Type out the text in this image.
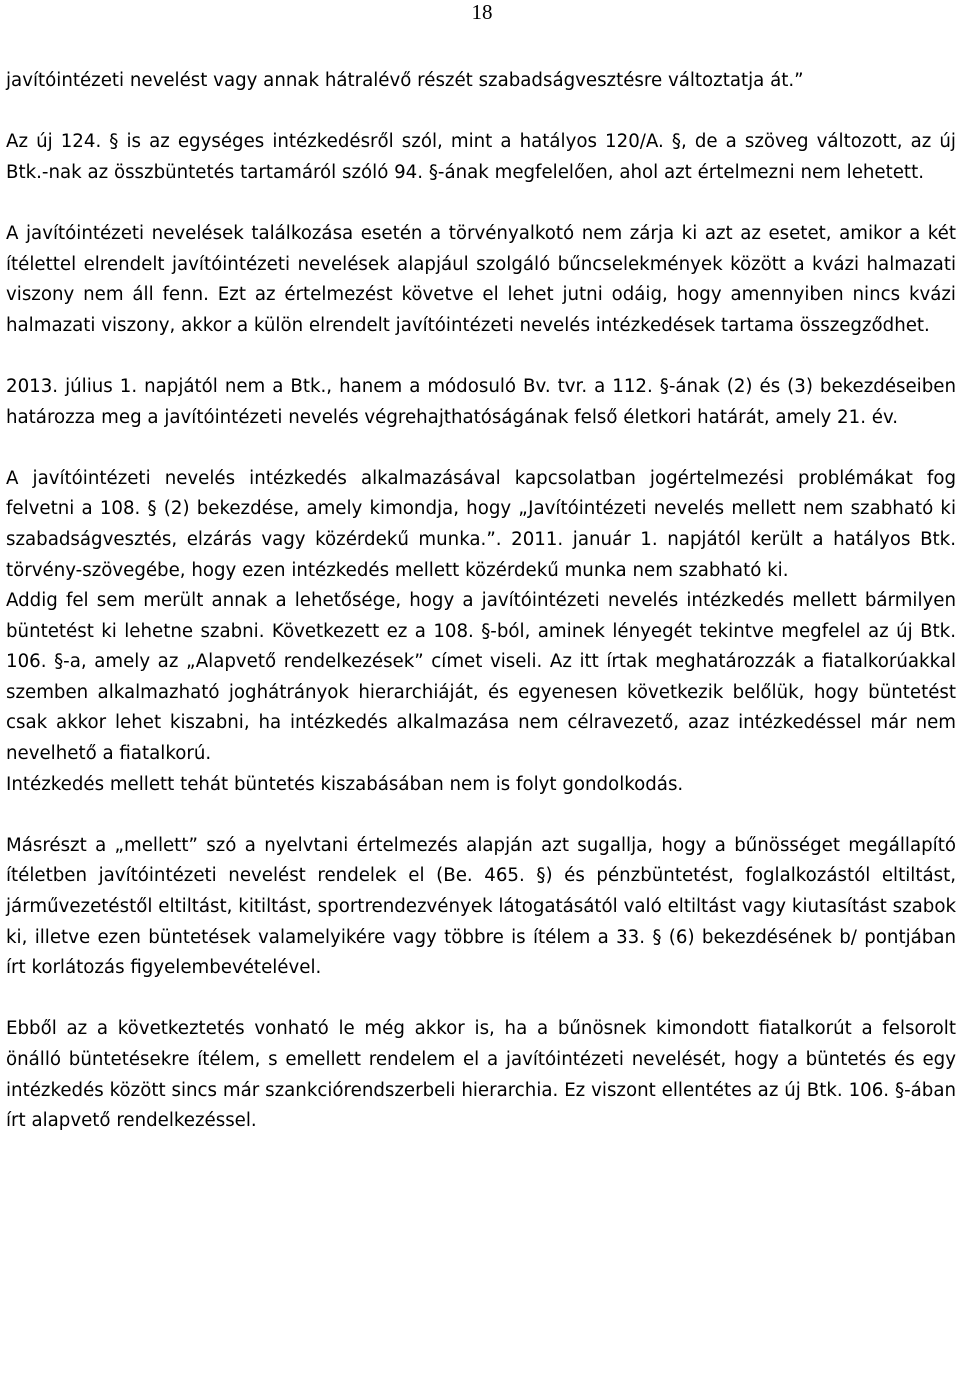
18

javítóintézeti nevelést vagy annak hátralévő részét szabadságvesztésre változtatja át.”

Az új 124. § is az egységes intézkedésről szól, mint a hatályos 120/A. §, de a szöveg változott, az új Btk.-nak az összbüntetés tartamáról szóló 94. §-ának megfelelően, ahol azt értelmezni nem lehetett.

A javítóintézeti nevelések találkozása esetén a törvényalkotó nem zárja ki azt az esetet, amikor a két ítélettel elrendelt javítóintézeti nevelések alapjául szolgáló bűncselekmények között a kvázi halmazati viszony nem áll fenn. Ezt az értelmezést követve el lehet jutni odáig, hogy amennyiben nincs kvázi halmazati viszony, akkor a külön elrendelt javítóintézeti nevelés intézkedések tartama összegződhet.

2013. július 1. napjától nem a Btk., hanem a módosuló Bv. tvr. a 112. §-ának (2) és (3) bekezdéseiben határozza meg a javítóintézeti nevelés végrehajthatóságának felső életkori határát, amely 21. év.

A javítóintézeti nevelés intézkedés alkalmazásával kapcsolatban jogértelmezési problémákat fog felvetni a 108. § (2) bekezdése, amely kimondja, hogy „Javítóintézeti nevelés mellett nem szabható ki szabadságvesztés, elzárás vagy közérdekű munka.”. 2011. január 1. napjától került a hatályos Btk. törvény-szövegébe, hogy ezen intézkedés mellett közérdekű munka nem szabható ki.

Addig fel sem merült annak a lehetősége, hogy a javítóintézeti nevelés intézkedés mellett bármilyen büntetést ki lehetne szabni. Következett ez a 108. §-ból, aminek lényegét tekintve megfelel az új Btk. 106. §-a, amely az „Alapvető rendelkezések” címet viseli. Az itt írtak meghatározzák a fiatalkorúakkal szemben alkalmazható joghátrányok hierarchiáját, és egyenesen következik belőlük, hogy büntetést csak akkor lehet kiszabni, ha intézkedés alkalmazása nem célravezető, azaz intézkedéssel már nem nevelhető a fiatalkorú.

Intézkedés mellett tehát büntetés kiszabásában nem is folyt gondolkodás.

Másrészt a „mellett” szó a nyelvtani értelmezés alapján azt sugallja, hogy a bűnösséget megállapító ítéletben javítóintézeti nevelést rendelek el (Be. 465. §) és pénzbüntetést, foglalkozástól eltiltást, járművezetéstől eltiltást, kitiltást, sportrendezvények látogatásától való eltiltást vagy kiutasítást szabok ki, illetve ezen büntetések valamelyikére vagy többre is ítélem a 33. § (6) bekezdésének b/ pontjában írt korlátozás figyelembevételével.

Ebből az a következtetés vonható le még akkor is, ha a bűnösnek kimondott fiatalkorút a felsorolt önálló büntetésekre ítélem, s emellett rendelem el a javítóintézeti nevelését, hogy a büntetés és egy intézkedés között sincs már szankciórendszerbeli hierarchia. Ez viszont ellentétes az új Btk. 106. §-ában írt alapvető rendelkezéssel.
